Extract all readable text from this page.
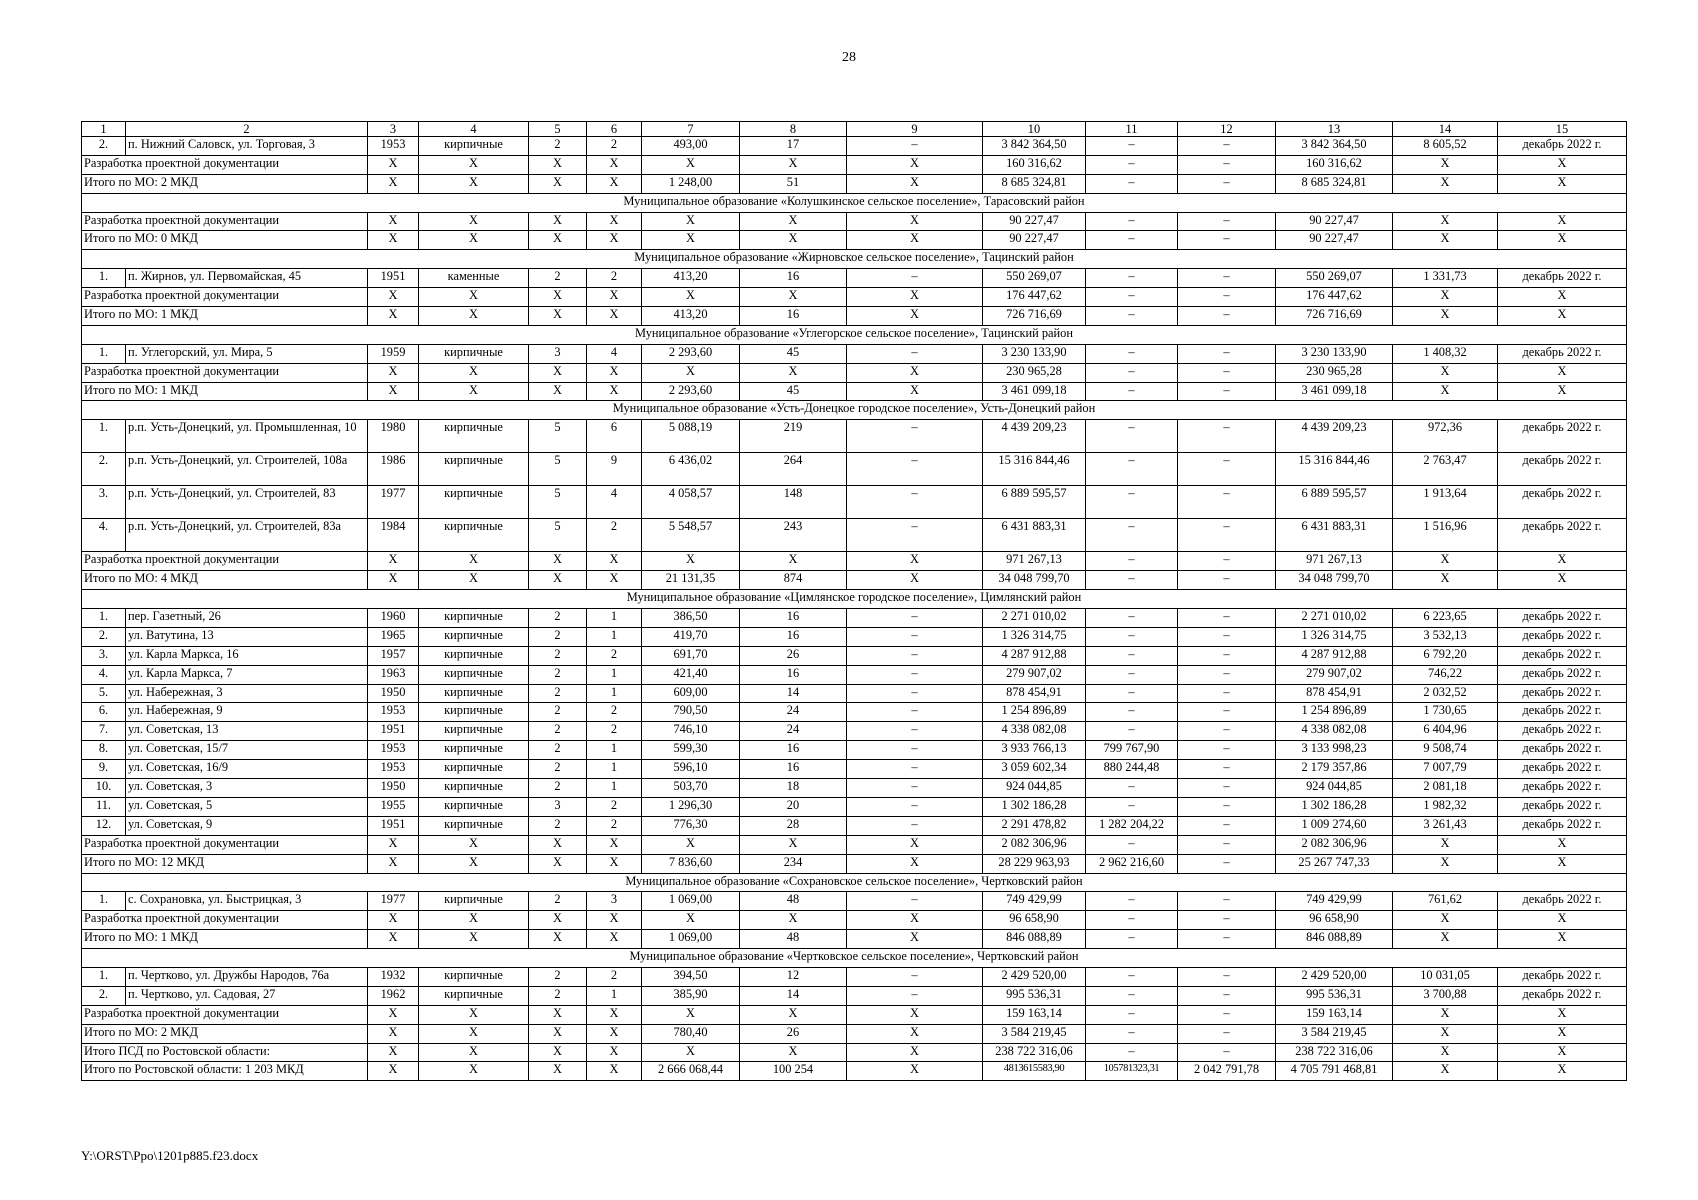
28
1	2	3	4	5	6	7	8	9	10	11	12	13	14	15
2.	п. Нижний Саловск, ул. Торговая, 3	1953	кирпичные	2	2	493,00	17	–	3 842 364,50	–	–	3 842 364,50	8 605,52	декабрь 2022 г.
Разработка проектной документации		X	X	X	X	X	X	X	160 316,62	–	–	160 316,62	X	X
Итого по МО: 2 МКД		X	X	X	X	1 248,00	51	X	8 685 324,81	–	–	8 685 324,81	X	X
Муниципальное образование «Колушкинское сельское поселение», Тарасовский район														
Разработка проектной документации		X	X	X	X	X	X	X	90 227,47	–	–	90 227,47	X	X
Итого по МО: 0 МКД		X	X	X	X	X	X	X	90 227,47	–	–	90 227,47	X	X
Муниципальное образование «Жирновское сельское поселение», Тацинский район														
1.	п. Жирнов, ул. Первомайская, 45	1951	каменные	2	2	413,20	16	–	550 269,07	–	–	550 269,07	1 331,73	декабрь 2022 г.
Разработка проектной документации		X	X	X	X	X	X	X	176 447,62	–	–	176 447,62	X	X
Итого по МО: 1 МКД		X	X	X	X	413,20	16	X	726 716,69	–	–	726 716,69	X	X
Муниципальное образование «Углегорское сельское поселение», Тацинский район														
1.	п. Углегорский, ул. Мира, 5	1959	кирпичные	3	4	2 293,60	45	–	3 230 133,90	–	–	3 230 133,90	1 408,32	декабрь 2022 г.
Разработка проектной документации		X	X	X	X	X	X	X	230 965,28	–	–	230 965,28	X	X
Итого по МО: 1 МКД		X	X	X	X	2 293,60	45	X	3 461 099,18	–	–	3 461 099,18	X	X
Муниципальное образование «Усть-Донецкое городское поселение», Усть-Донецкий район														
1.	р.п. Усть-Донецкий, ул. Промышленная, 10	1980	кирпичные	5	6	5 088,19	219	–	4 439 209,23	–	–	4 439 209,23	972,36	декабрь 2022 г.
2.	р.п. Усть-Донецкий, ул. Строителей, 108а	1986	кирпичные	5	9	6 436,02	264	–	15 316 844,46	–	–	15 316 844,46	2 763,47	декабрь 2022 г.
3.	р.п. Усть-Донецкий, ул. Строителей, 83	1977	кирпичные	5	4	4 058,57	148	–	6 889 595,57	–	–	6 889 595,57	1 913,64	декабрь 2022 г.
4.	р.п. Усть-Донецкий, ул. Строителей, 83а	1984	кирпичные	5	2	5 548,57	243	–	6 431 883,31	–	–	6 431 883,31	1 516,96	декабрь 2022 г.
Разработка проектной документации		X	X	X	X	X	X	X	971 267,13	–	–	971 267,13	X	X
Итого по МО: 4 МКД		X	X	X	X	21 131,35	874	X	34 048 799,70	–	–	34 048 799,70	X	X
Муниципальное образование «Цимлянское городское поселение», Цимлянский район														
1.	пер. Газетный, 26	1960	кирпичные	2	1	386,50	16	–	2 271 010,02	–	–	2 271 010,02	6 223,65	декабрь 2022 г.
2.	ул. Ватутина, 13	1965	кирпичные	2	1	419,70	16	–	1 326 314,75	–	–	1 326 314,75	3 532,13	декабрь 2022 г.
3.	ул. Карла Маркса, 16	1957	кирпичные	2	2	691,70	26	–	4 287 912,88	–	–	4 287 912,88	6 792,20	декабрь 2022 г.
4.	ул. Карла Маркса, 7	1963	кирпичные	2	1	421,40	16	–	279 907,02	–	–	279 907,02	746,22	декабрь 2022 г.
5.	ул. Набережная, 3	1950	кирпичные	2	1	609,00	14	–	878 454,91	–	–	878 454,91	2 032,52	декабрь 2022 г.
6.	ул. Набережная, 9	1953	кирпичные	2	2	790,50	24	–	1 254 896,89	–	–	1 254 896,89	1 730,65	декабрь 2022 г.
7.	ул. Советская, 13	1951	кирпичные	2	2	746,10	24	–	4 338 082,08	–	–	4 338 082,08	6 404,96	декабрь 2022 г.
8.	ул. Советская, 15/7	1953	кирпичные	2	1	599,30	16	–	3 933 766,13	799 767,90	–	3 133 998,23	9 508,74	декабрь 2022 г.
9.	ул. Советская, 16/9	1953	кирпичные	2	1	596,10	16	–	3 059 602,34	880 244,48	–	2 179 357,86	7 007,79	декабрь 2022 г.
10.	ул. Советская, 3	1950	кирпичные	2	1	503,70	18	–	924 044,85	–	–	924 044,85	2 081,18	декабрь 2022 г.
11.	ул. Советская, 5	1955	кирпичные	3	2	1 296,30	20	–	1 302 186,28	–	–	1 302 186,28	1 982,32	декабрь 2022 г.
12.	ул. Советская, 9	1951	кирпичные	2	2	776,30	28	–	2 291 478,82	1 282 204,22	–	1 009 274,60	3 261,43	декабрь 2022 г.
Разработка проектной документации		X	X	X	X	X	X	X	2 082 306,96	–	–	2 082 306,96	X	X
Итого по МО: 12 МКД		X	X	X	X	7 836,60	234	X	28 229 963,93	2 962 216,60	–	25 267 747,33	X	X
Муниципальное образование «Сохрановское сельское поселение», Чертковский район														
1.	с. Сохрановка, ул. Быстрицкая, 3	1977	кирпичные	2	3	1 069,00	48	–	749 429,99	–	–	749 429,99	761,62	декабрь 2022 г.
Разработка проектной документации		X	X	X	X	X	X	X	96 658,90	–	–	96 658,90	X	X
Итого по МО: 1 МКД		X	X	X	X	1 069,00	48	X	846 088,89	–	–	846 088,89	X	X
Муниципальное образование «Чертковское сельское поселение», Чертковский район														
1.	п. Чертково, ул. Дружбы Народов, 76а	1932	кирпичные	2	2	394,50	12	–	2 429 520,00	–	–	2 429 520,00	10 031,05	декабрь 2022 г.
2.	п. Чертково, ул. Садовая, 27	1962	кирпичные	2	1	385,90	14	–	995 536,31	–	–	995 536,31	3 700,88	декабрь 2022 г.
Разработка проектной документации		X	X	X	X	X	X	X	159 163,14	–	–	159 163,14	X	X
Итого по МО: 2 МКД		X	X	X	X	780,40	26	X	3 584 219,45	–	–	3 584 219,45	X	X
Итого ПСД по Ростовской области:		X	X	X	X	X	X	X	238 722 316,06	–	–	238 722 316,06	X	X
Итого по Ростовской области: 1 203 МКД		X	X	X	X	2 666 068,44	100 254	X	4813615583,90	105781323,31	2 042 791,78	4 705 791 468,81	X	X
Y:\ORST\Ppo\1201p885.f23.docx
